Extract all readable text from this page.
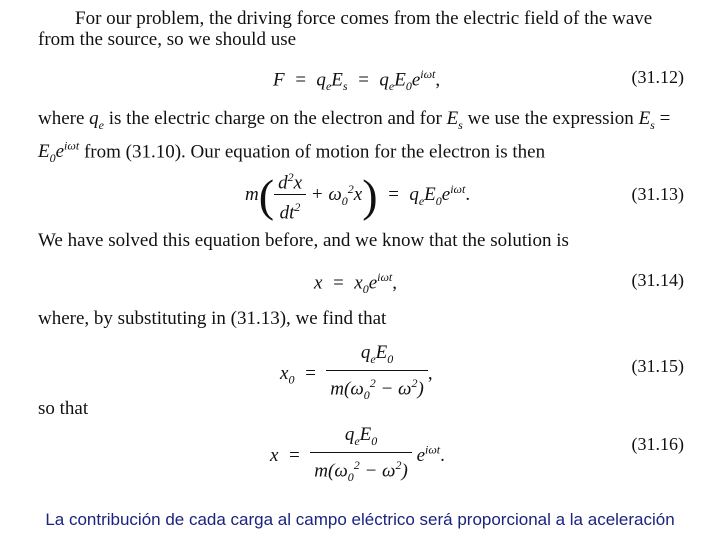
For our problem, the driving force comes from the electric field of the wave from the source, so we should use
$F = q_eE_s = q_eE_0e^{i\omega t}$,	(31.12)
where $q_e$ is the electric charge on the electron and for $E_s$ we use the expression $E_s = E_0e^{i\omega t}$ from (31.10). Our equation of motion for the electron is then
$m( \frac{d^2x}{dt^2} + \omega_0^2x) = q_eE_0e^{i\omega t}$.	(31.13)
We have solved this equation before, and we know that the solution is
$x = x_0e^{i\omega t}$,	(31.14)
where, by substituting in (31.13), we find that
$x_0 = \frac{q_eE_0}{m(\omega_0^2 - \omega^2)}$ ,	(31.15)
so that
$x = \frac{q_eE_0}{m(\omega_0^2 - \omega^2)} e^{i\omega t}$.
(31.16)
La contribución de cada carga al campo eléctrico será proporcional a la aceleración
